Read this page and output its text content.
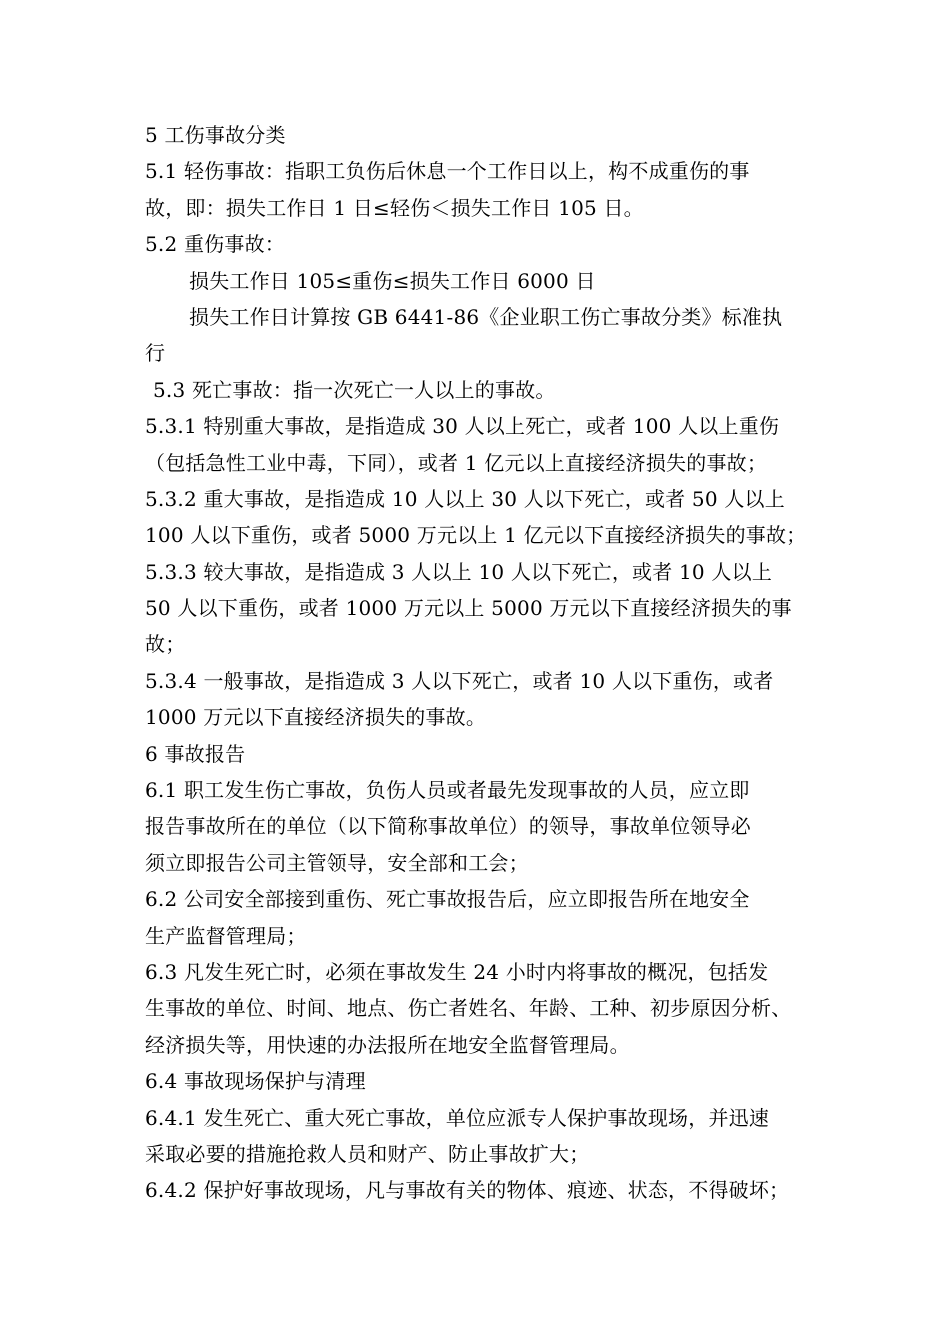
5 工伤事故分类
5.1 轻伤事故：指职工负伤后休息一个工作日以上，构不成重伤的事
故，即：损失工作日 1 日≤轻伤＜损失工作日 105 日。
5.2 重伤事故：
损失工作日 105≤重伤≤损失工作日 6000 日
损失工作日计算按 GB 6441-86《企业职工伤亡事故分类》标准执
行
5.3 死亡事故：指一次死亡一人以上的事故。
5.3.1 特别重大事故，是指造成 30 人以上死亡，或者 100 人以上重伤
（包括急性工业中毒，下同），或者 1 亿元以上直接经济损失的事故；
5.3.2 重大事故，是指造成 10 人以上 30 人以下死亡，或者 50 人以上
100 人以下重伤，或者 5000 万元以上 1 亿元以下直接经济损失的事故；
5.3.3 较大事故，是指造成 3 人以上 10 人以下死亡，或者 10 人以上
50 人以下重伤，或者 1000 万元以上 5000 万元以下直接经济损失的事
故；
5.3.4 一般事故，是指造成 3 人以下死亡，或者 10 人以下重伤，或者
1000 万元以下直接经济损失的事故。
6 事故报告
6.1 职工发生伤亡事故，负伤人员或者最先发现事故的人员，应立即
报告事故所在的单位（以下简称事故单位）的领导，事故单位领导必
须立即报告公司主管领导，安全部和工会；
6.2 公司安全部接到重伤、死亡事故报告后，应立即报告所在地安全
生产监督管理局；
6.3 凡发生死亡时，必须在事故发生 24 小时内将事故的概况，包括发
生事故的单位、时间、地点、伤亡者姓名、年龄、工种、初步原因分析、
经济损失等，用快速的办法报所在地安全监督管理局。
6.4 事故现场保护与清理
6.4.1 发生死亡、重大死亡事故，单位应派专人保护事故现场，并迅速
采取必要的措施抢救人员和财产、防止事故扩大；
6.4.2 保护好事故现场，凡与事故有关的物体、痕迹、状态，不得破坏；
